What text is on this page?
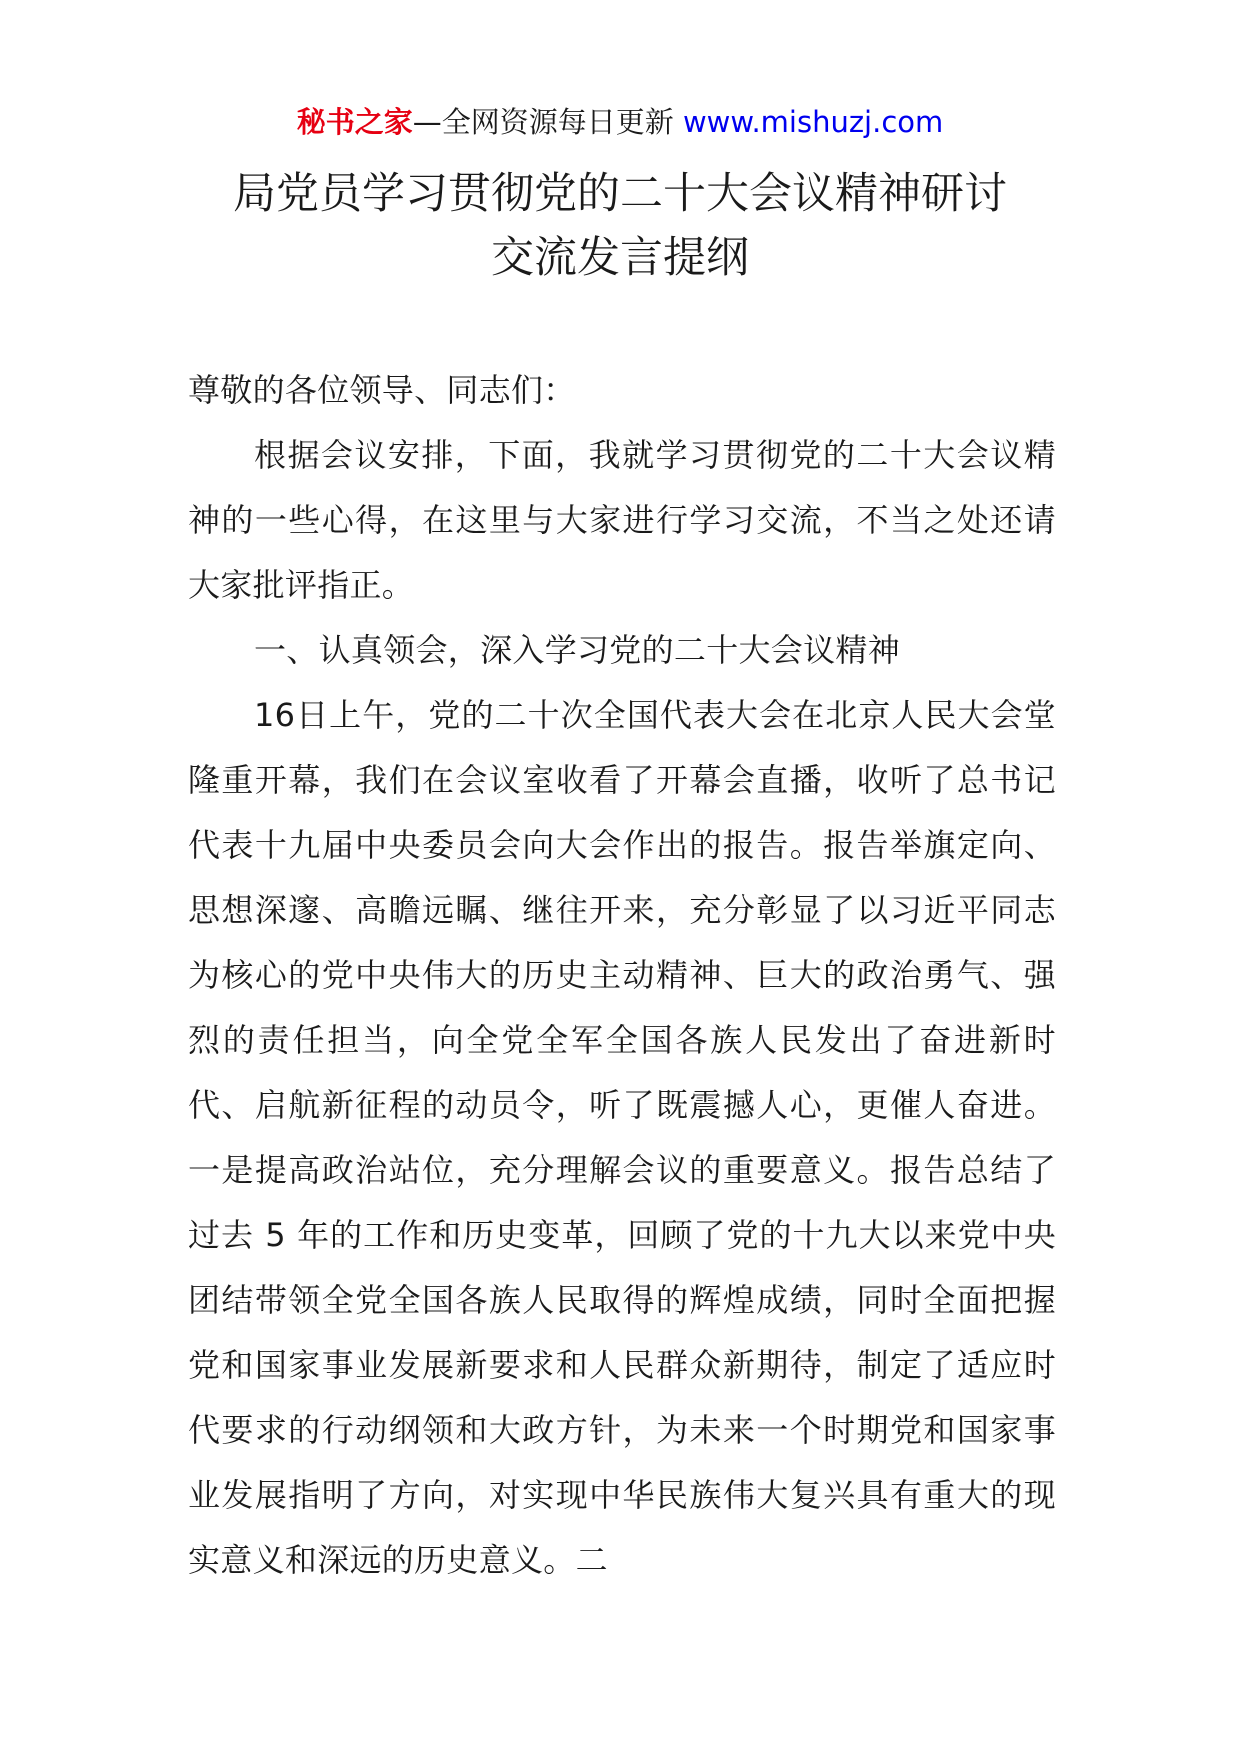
秘书之家—全网资源每日更新 www.mishuzj.com
局党员学习贯彻党的二十大会议精神研讨
交流发言提纲

尊敬的各位领导、同志们：

根据会议安排，下面，我就学习贯彻党的二十大会议精神的一些心得，在这里与大家进行学习交流，不当之处还请大家批评指正。

一、认真领会，深入学习党的二十大会议精神

16日上午，党的二十次全国代表大会在北京人民大会堂隆重开幕，我们在会议室收看了开幕会直播，收听了总书记代表十九届中央委员会向大会作出的报告。报告举旗定向、思想深邃、高瞻远瞩、继往开来，充分彰显了以习近平同志为核心的党中央伟大的历史主动精神、巨大的政治勇气、强烈的责任担当，向全党全军全国各族人民发出了奋进新时代、启航新征程的动员令，听了既震撼人心，更催人奋进。一是提高政治站位，充分理解会议的重要意义。报告总结了过去 5 年的工作和历史变革，回顾了党的十九大以来党中央团结带领全党全国各族人民取得的辉煌成绩，同时全面把握党和国家事业发展新要求和人民群众新期待，制定了适应时代要求的行动纲领和大政方针，为未来一个时期党和国家事业发展指明了方向，对实现中华民族伟大复兴具有重大的现实意义和深远的历史意义。二
